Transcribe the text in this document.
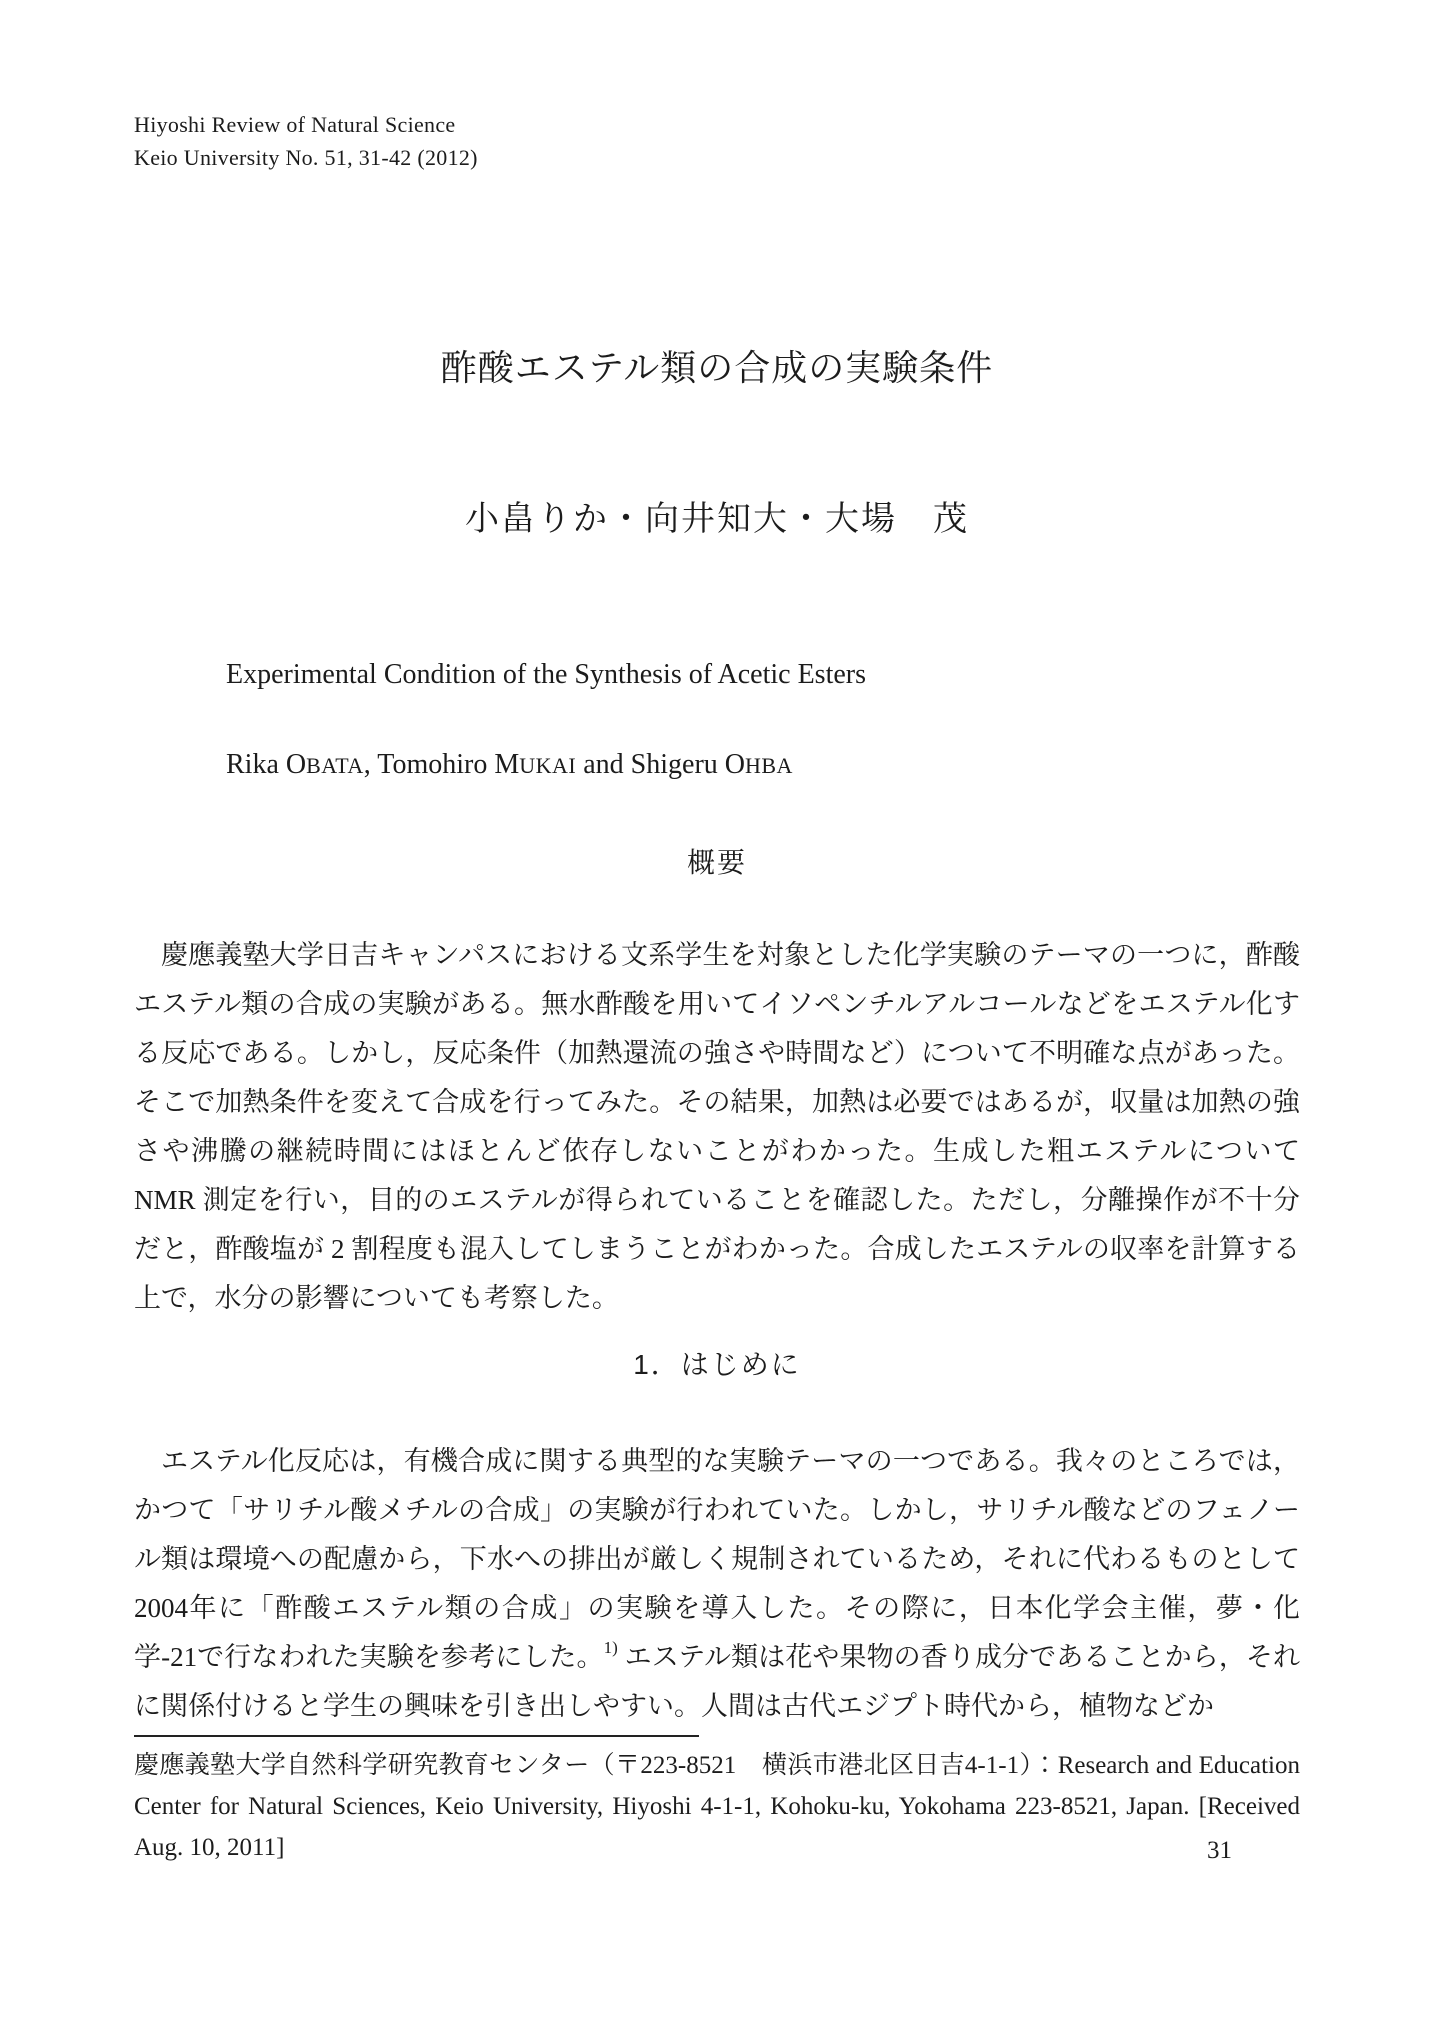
Hiyoshi Review of Natural Science
Keio University No. 51, 31-42 (2012)
酢酸エステル類の合成の実験条件
小畠りか・向井知大・大場　茂
Experimental Condition of the Synthesis of Acetic Esters
Rika OBATA, Tomohiro MUKAI and Shigeru OHBA
概要

慶應義塾大学日吉キャンパスにおける文系学生を対象とした化学実験のテーマの一つに，酢酸エステル類の合成の実験がある。無水酢酸を用いてイソペンチルアルコールなどをエステル化する反応である。しかし，反応条件（加熱還流の強さや時間など）について不明確な点があった。そこで加熱条件を変えて合成を行ってみた。その結果，加熱は必要ではあるが，収量は加熱の強さや沸騰の継続時間にはほとんど依存しないことがわかった。生成した粗エステルについて NMR 測定を行い，目的のエステルが得られていることを確認した。ただし，分離操作が不十分だと，酢酸塩が 2 割程度も混入してしまうことがわかった。合成したエステルの収率を計算する上で，水分の影響についても考察した。

1．はじめに

エステル化反応は，有機合成に関する典型的な実験テーマの一つである。我々のところでは，かつて「サリチル酸メチルの合成」の実験が行われていた。しかし，サリチル酸などのフェノール類は環境への配慮から，下水への排出が厳しく規制されているため，それに代わるものとして2004年に「酢酸エステル類の合成」の実験を導入した。その際に，日本化学会主催，夢・化学-21で行なわれた実験を参考にした。$^{1)}$ エステル類は花や果物の香り成分であることから，それに関係付けると学生の興味を引き出しやすい。人間は古代エジプト時代から，植物などか

慶應義塾大学自然科学研究教育センター（〒223-8521　横浜市港北区日吉4-1-1）：Research and Education Center for Natural Sciences, Keio University, Hiyoshi 4-1-1, Kohoku-ku, Yokohama 223-8521, Japan. [Received Aug. 10, 2011]	31
